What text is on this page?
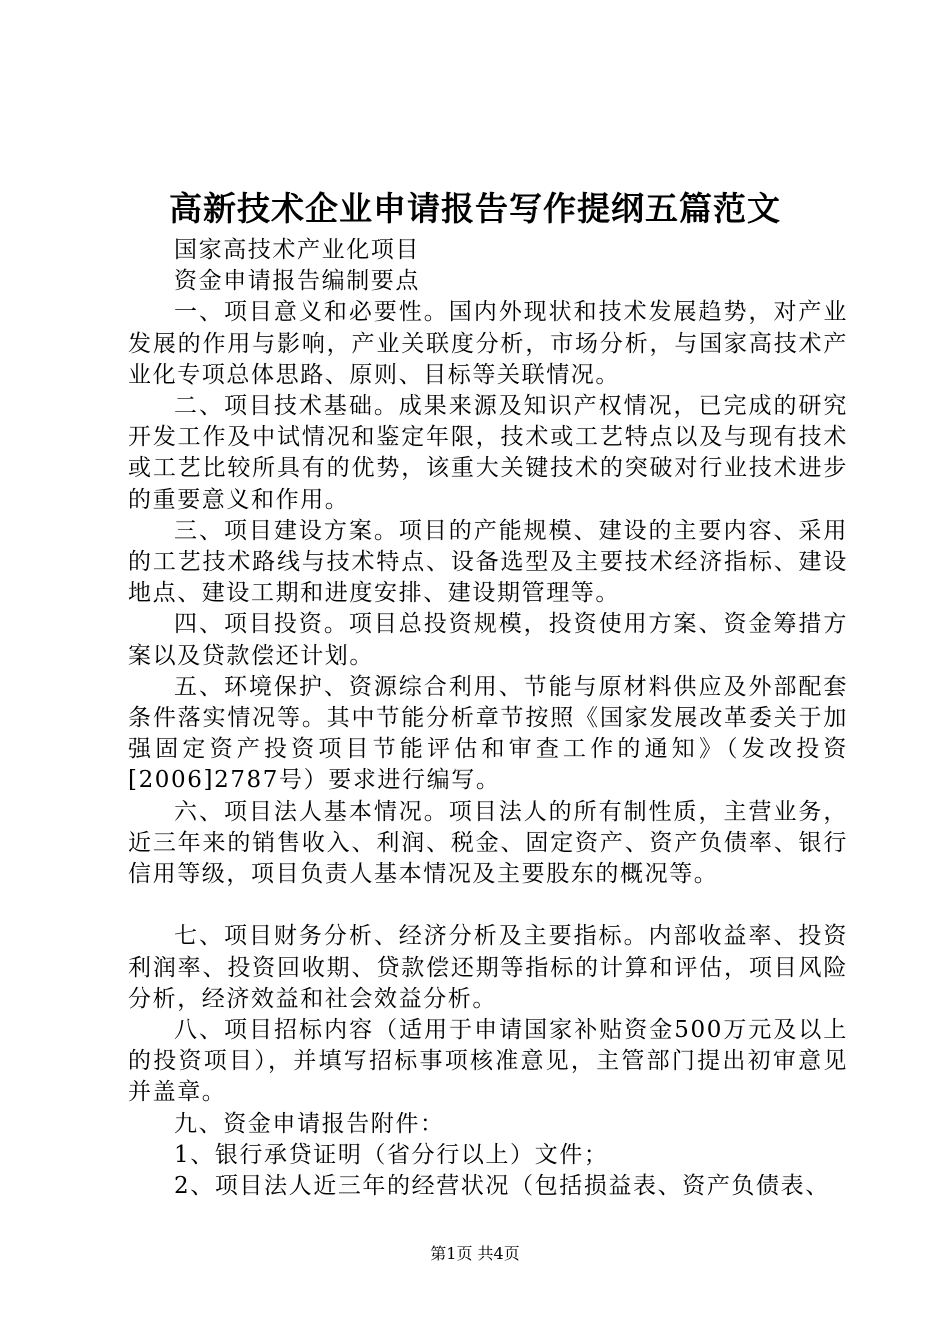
高新技术企业申请报告写作提纲五篇范文

国家高技术产业化项目

资金申请报告编制要点

一、项目意义和必要性。国内外现状和技术发展趋势，对产业发展的作用与影响，产业关联度分析，市场分析，与国家高技术产业化专项总体思路、原则、目标等关联情况。

二、项目技术基础。成果来源及知识产权情况，已完成的研究开发工作及中试情况和鉴定年限，技术或工艺特点以及与现有技术或工艺比较所具有的优势，该重大关键技术的突破对行业技术进步的重要意义和作用。

三、项目建设方案。项目的产能规模、建设的主要内容、采用的工艺技术路线与技术特点、设备选型及主要技术经济指标、建设地点、建设工期和进度安排、建设期管理等。

四、项目投资。项目总投资规模，投资使用方案、资金筹措方案以及贷款偿还计划。

五、环境保护、资源综合利用、节能与原材料供应及外部配套条件落实情况等。其中节能分析章节按照《国家发展改革委关于加强固定资产投资项目节能评估和审查工作的通知》（发改投资[2006]2787号）要求进行编写。

六、项目法人基本情况。项目法人的所有制性质，主营业务，近三年来的销售收入、利润、税金、固定资产、资产负债率、银行信用等级，项目负责人基本情况及主要股东的概况等。

七、项目财务分析、经济分析及主要指标。内部收益率、投资利润率、投资回收期、贷款偿还期等指标的计算和评估，项目风险分析，经济效益和社会效益分析。

八、项目招标内容（适用于申请国家补贴资金500万元及以上的投资项目），并填写招标事项核准意见，主管部门提出初审意见并盖章。

九、资金申请报告附件：

1、银行承贷证明（省分行以上）文件；

2、项目法人近三年的经营状况（包括损益表、资产负债表、

第1页 共4页
